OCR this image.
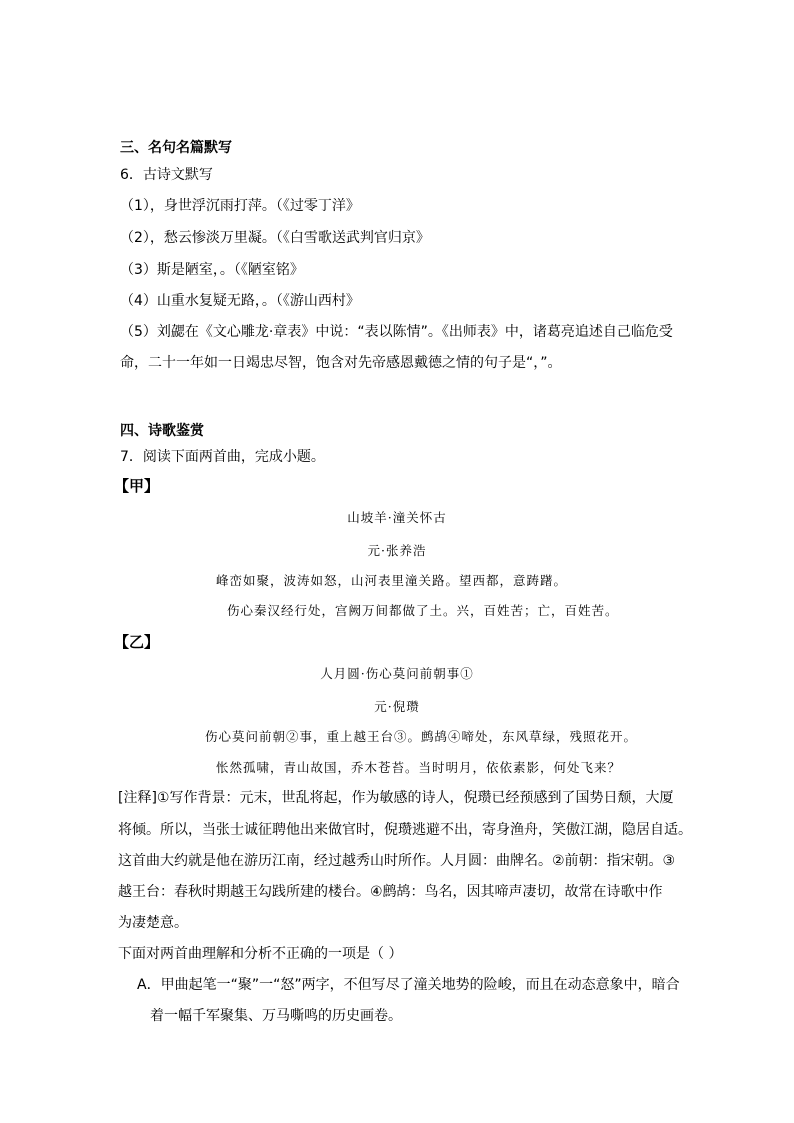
三、名句名篇默写
6．古诗文默写
（1），身世浮沉雨打萍。（《过零丁洋》
（2），愁云惨淡万里凝。（《白雪歌送武判官归京》
（3）斯是陋室，。（《陋室铭》
（4）山重水复疑无路，。（《游山西村》
（5）刘勰在《文心雕龙·章表》中说：“表以陈情”。《出师表》中，诸葛亮追述自己临危受
命，二十一年如一日竭忠尽智，饱含对先帝感恩戴德之情的句子是“，”。
四、诗歌鉴赏
7．阅读下面两首曲，完成小题。
【甲】
山坡羊·潼关怀古
元·张养浩
峰峦如聚，波涛如怒，山河表里潼关路。望西都，意踌躇。
伤心秦汉经行处，宫阙万间都做了土。兴，百姓苦；亡，百姓苦。
【乙】
人月圆·伤心莫问前朝事①
元·倪瓒
伤心莫问前朝②事，重上越王台③。鹧鸪④啼处，东风草绿，残照花开。
怅然孤啸，青山故国，乔木苍苔。当时明月，依依素影，何处飞来？
[注释]①写作背景：元末，世乱将起，作为敏感的诗人，倪瓒已经预感到了国势日颓，大厦
将倾。所以，当张士诚征聘他出来做官时，倪瓒逃避不出，寄身渔舟，笑傲江湖，隐居自适。
这首曲大约就是他在游历江南，经过越秀山时所作。人月圆：曲牌名。②前朝：指宋朝。③
越王台：春秋时期越王勾践所建的楼台。④鹧鸪：鸟名，因其啼声凄切，故常在诗歌中作
为凄楚意。
下面对两首曲理解和分析不正确的一项是（ ）
A．甲曲起笔一“聚”一“怒”两字，不但写尽了潼关地势的险峻，而且在动态意象中，暗合
着一幅千军聚集、万马嘶鸣的历史画卷。
